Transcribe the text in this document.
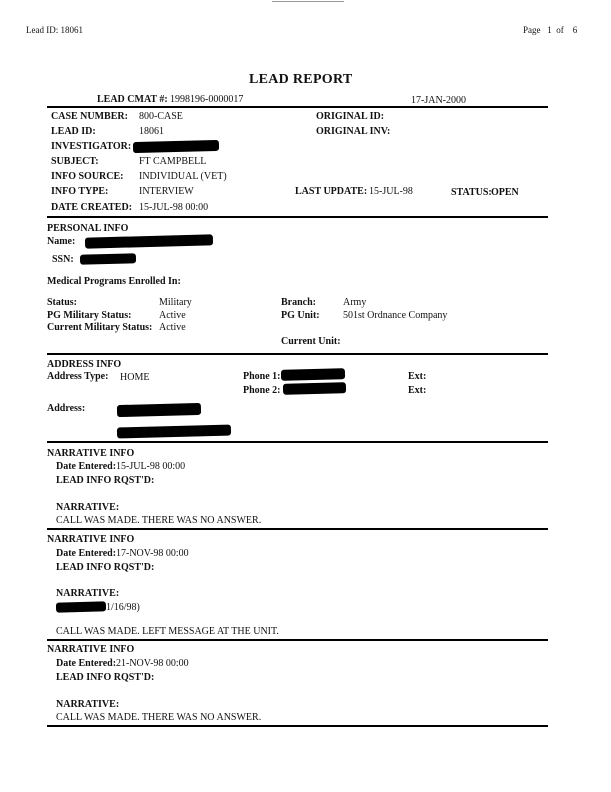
Lead ID: 18061	Page 1 of 6
LEAD REPORT
LEAD CMAT #: 1998196-0000017	17-JAN-2000
CASE NUMBER: 800-CASE	ORIGINAL ID:
LEAD ID:	18061	ORIGINAL INV:
INVESTIGATOR:
SUBJECT:	FT CAMPBELL
INFO SOURCE: INDIVIDUAL (VET)
INFO TYPE:	INTERVIEW	LAST UPDATE: 15-JUL-98	STATUS: OPEN
DATE CREATED: 15-JUL-98 00:00
PERSONAL INFO
Name:
SSN:
Medical Programs Enrolled In:
Status:	Military	Branch:	Army
PG Military Status:	Active	PG Unit: 501st Ordnance Company
Current Military Status: Active
Current Unit:
ADDRESS INFO
Address Type: HOME	Phone 1:	Ext:
Phone 2:	Ext:
Address:
NARRATIVE INFO
Date Entered: 15-JUL-98 00:00
LEAD INFO RQST'D:
NARRATIVE:
CALL WAS MADE. THERE WAS NO ANSWER.
NARRATIVE INFO
Date Entered: 17-NOV-98 00:00
LEAD INFO RQST'D:
NARRATIVE:
1/16/98)
CALL WAS MADE. LEFT MESSAGE AT THE UNIT.
NARRATIVE INFO
Date Entered: 21-NOV-98 00:00
LEAD INFO RQST'D:
NARRATIVE:
CALL WAS MADE. THERE WAS NO ANSWER.
